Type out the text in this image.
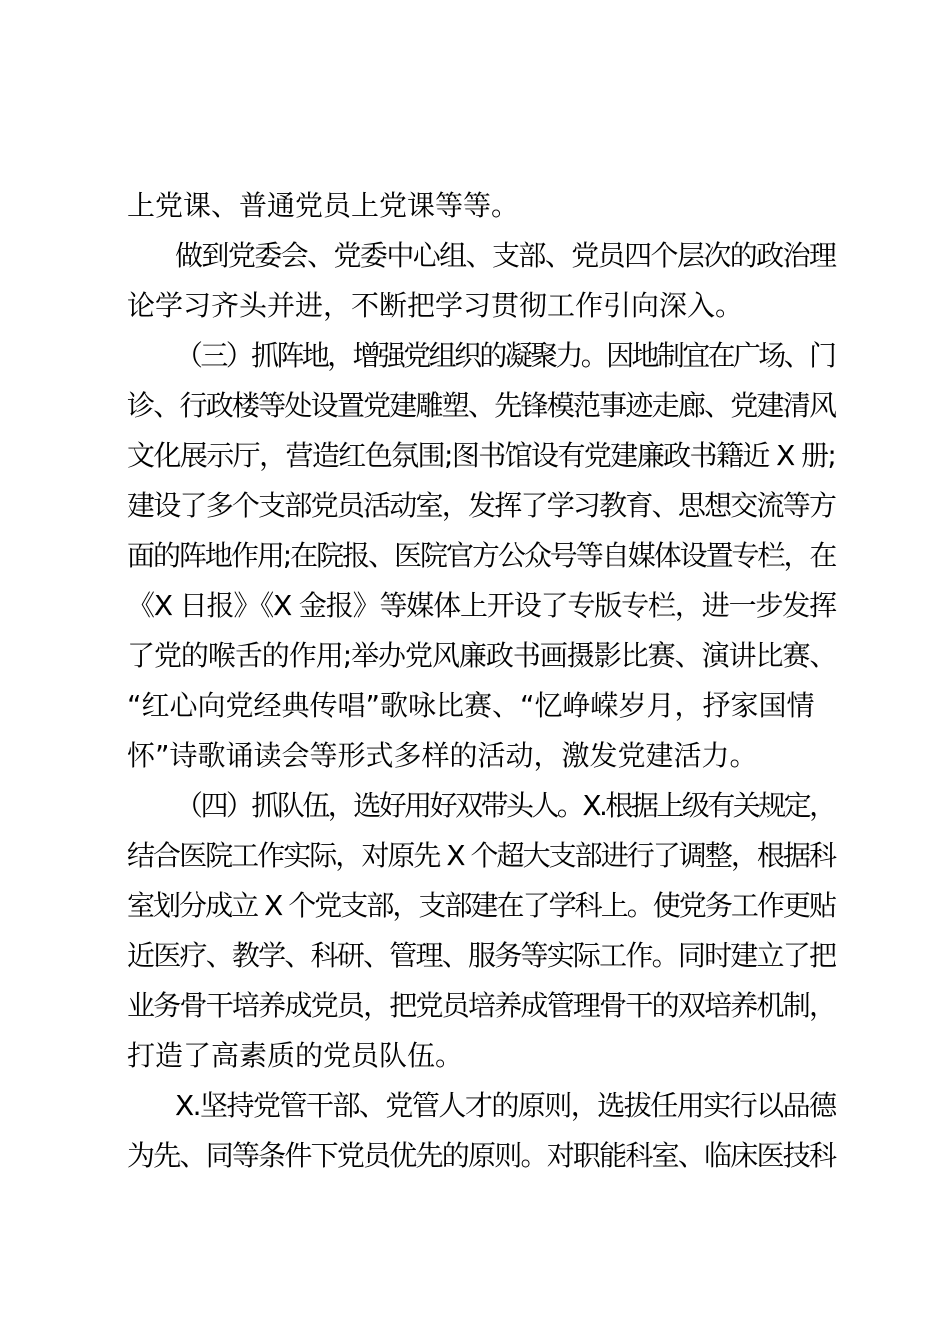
上党课、普通党员上党课等等。
做到党委会、党委中心组、支部、党员四个层次的政治理
论学习齐头并进，不断把学习贯彻工作引向深入。
（三）抓阵地，增强党组织的凝聚力。因地制宜在广场、门
诊、行政楼等处设置党建雕塑、先锋模范事迹走廊、党建清风
文化展示厅，营造红色氛围;图书馆设有党建廉政书籍近 X 册;
建设了多个支部党员活动室，发挥了学习教育、思想交流等方
面的阵地作用;在院报、医院官方公众号等自媒体设置专栏，在
《X 日报》《X 金报》等媒体上开设了专版专栏，进一步发挥
了党的喉舌的作用;举办党风廉政书画摄影比赛、演讲比赛、
“红心向党经典传唱”歌咏比赛、“忆峥嵘岁月，抒家国情
怀”诗歌诵读会等形式多样的活动，激发党建活力。
（四）抓队伍，选好用好双带头人。X.根据上级有关规定，
结合医院工作实际，对原先 X 个超大支部进行了调整，根据科
室划分成立 X 个党支部，支部建在了学科上。使党务工作更贴
近医疗、教学、科研、管理、服务等实际工作。同时建立了把
业务骨干培养成党员，把党员培养成管理骨干的双培养机制，
打造了高素质的党员队伍。
X.坚持党管干部、党管人才的原则，选拔任用实行以品德
为先、同等条件下党员优先的原则。对职能科室、临床医技科
